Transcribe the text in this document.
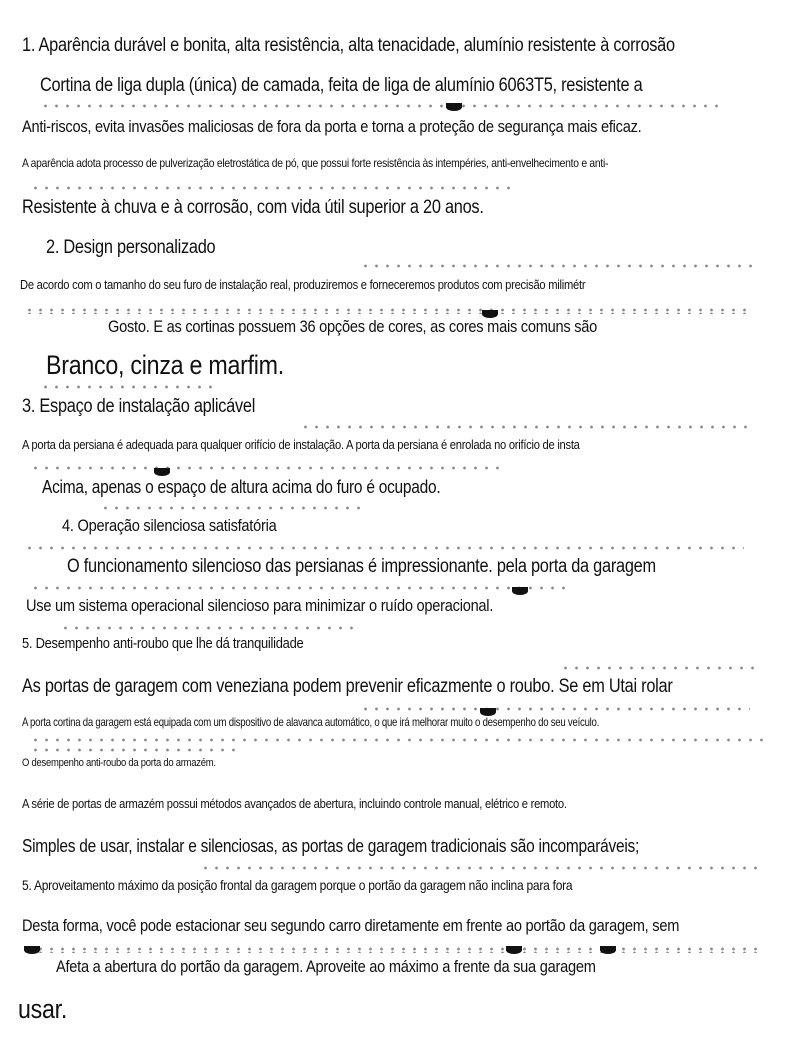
1. Aparência durável e bonita, alta resistência, alta tenacidade, alumínio resistente à corrosão
Cortina de liga dupla (única) de camada, feita de liga de alumínio 6063T5, resistente a
Anti-riscos, evita invasões maliciosas de fora da porta e torna a proteção de segurança mais eficaz.
A aparência adota processo de pulverização eletrostática de pó, que possui forte resistência às intempéries, anti-envelhecimento e anti-
Resistente à chuva e à corrosão, com vida útil superior a 20 anos.
2. Design personalizado
De acordo com o tamanho do seu furo de instalação real, produziremos e forneceremos produtos com precisão milimétr
Gosto. E as cortinas possuem 36 opções de cores, as cores mais comuns são
Branco, cinza e marfim.
3. Espaço de instalação aplicável
A porta da persiana é adequada para qualquer orifício de instalação. A porta da persiana é enrolada no orifício de insta
Acima, apenas o espaço de altura acima do furo é ocupado.
4. Operação silenciosa satisfatória
O funcionamento silencioso das persianas é impressionante. pela porta da garagem
Use um sistema operacional silencioso para minimizar o ruído operacional.
5. Desempenho anti-roubo que lhe dá tranquilidade
As portas de garagem com veneziana podem prevenir eficazmente o roubo. Se em Utai rolar
A porta cortina da garagem está equipada com um dispositivo de alavanca automático, o que irá melhorar muito o desempenho do seu veículo.
O desempenho anti-roubo da porta do armazém.
A série de portas de armazém possui métodos avançados de abertura, incluindo controle manual, elétrico e remoto.
Simples de usar, instalar e silenciosas, as portas de garagem tradicionais são incomparáveis;
5. Aproveitamento máximo da posição frontal da garagem porque o portão da garagem não inclina para fora
Desta forma, você pode estacionar seu segundo carro diretamente em frente ao portão da garagem, sem
Afeta a abertura do portão da garagem. Aproveite ao máximo a frente da sua garagem
usar.
